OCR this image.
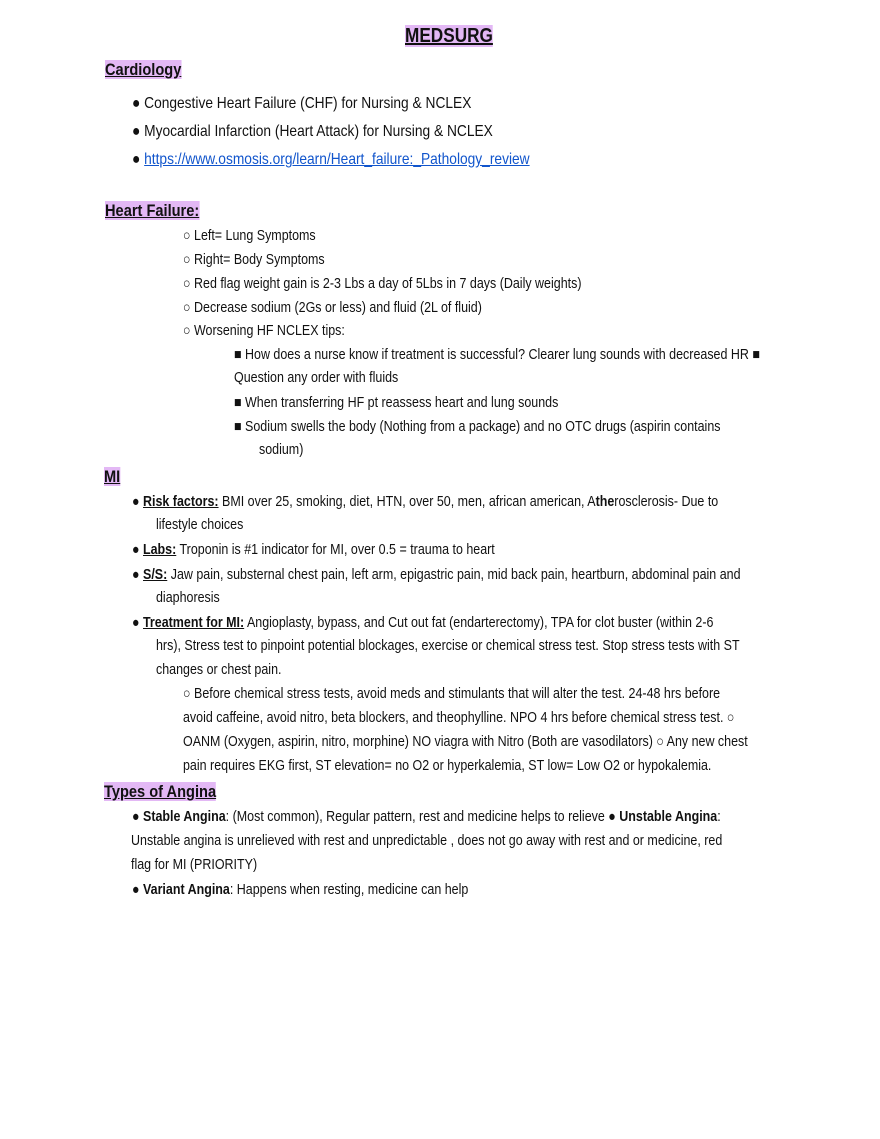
MEDSURG
Cardiology
● Congestive Heart Failure (CHF) for Nursing & NCLEX
● Myocardial Infarction (Heart Attack) for Nursing & NCLEX
● https://www.osmosis.org/learn/Heart_failure:_Pathology_review
Heart Failure:
○ Left= Lung Symptoms
○ Right= Body Symptoms
○ Red flag weight gain is 2-3 Lbs a day of 5Lbs in 7 days (Daily weights)
○ Decrease sodium (2Gs or less) and fluid (2L of fluid)
○ Worsening HF NCLEX tips:
■ How does a nurse know if treatment is successful? Clearer lung sounds with decreased HR ■
Question any order with fluids
■ When transferring HF pt reassess heart and lung sounds
■ Sodium swells the body (Nothing from a package) and no OTC drugs (aspirin contains
sodium)
MI
● Risk factors: BMI over 25, smoking, diet, HTN, over 50, men, african american, Atherosclerosis- Due to
lifestyle choices
● Labs: Troponin is #1 indicator for MI, over 0.5 = trauma to heart
● S/S: Jaw pain, substernal chest pain, left arm, epigastric pain, mid back pain, heartburn, abdominal pain and
diaphoresis
● Treatment for MI: Angioplasty, bypass, and Cut out fat (endarterectomy), TPA for clot buster (within 2-6
hrs), Stress test to pinpoint potential blockages, exercise or chemical stress test. Stop stress tests with ST
changes or chest pain.
○ Before chemical stress tests, avoid meds and stimulants that will alter the test. 24-48 hrs before
avoid caffeine, avoid nitro, beta blockers, and theophylline. NPO 4 hrs before chemical stress test. ○
OANM (Oxygen, aspirin, nitro, morphine) NO viagra with Nitro (Both are vasodilators) ○ Any new chest
pain requires EKG first, ST elevation= no O2 or hyperkalemia, ST low= Low O2 or hypokalemia.
Types of Angina
● Stable Angina: (Most common), Regular pattern, rest and medicine helps to relieve ● Unstable Angina:
Unstable angina is unrelieved with rest and unpredictable , does not go away with rest and or medicine, red
flag for MI (PRIORITY)
● Variant Angina: Happens when resting, medicine can help
